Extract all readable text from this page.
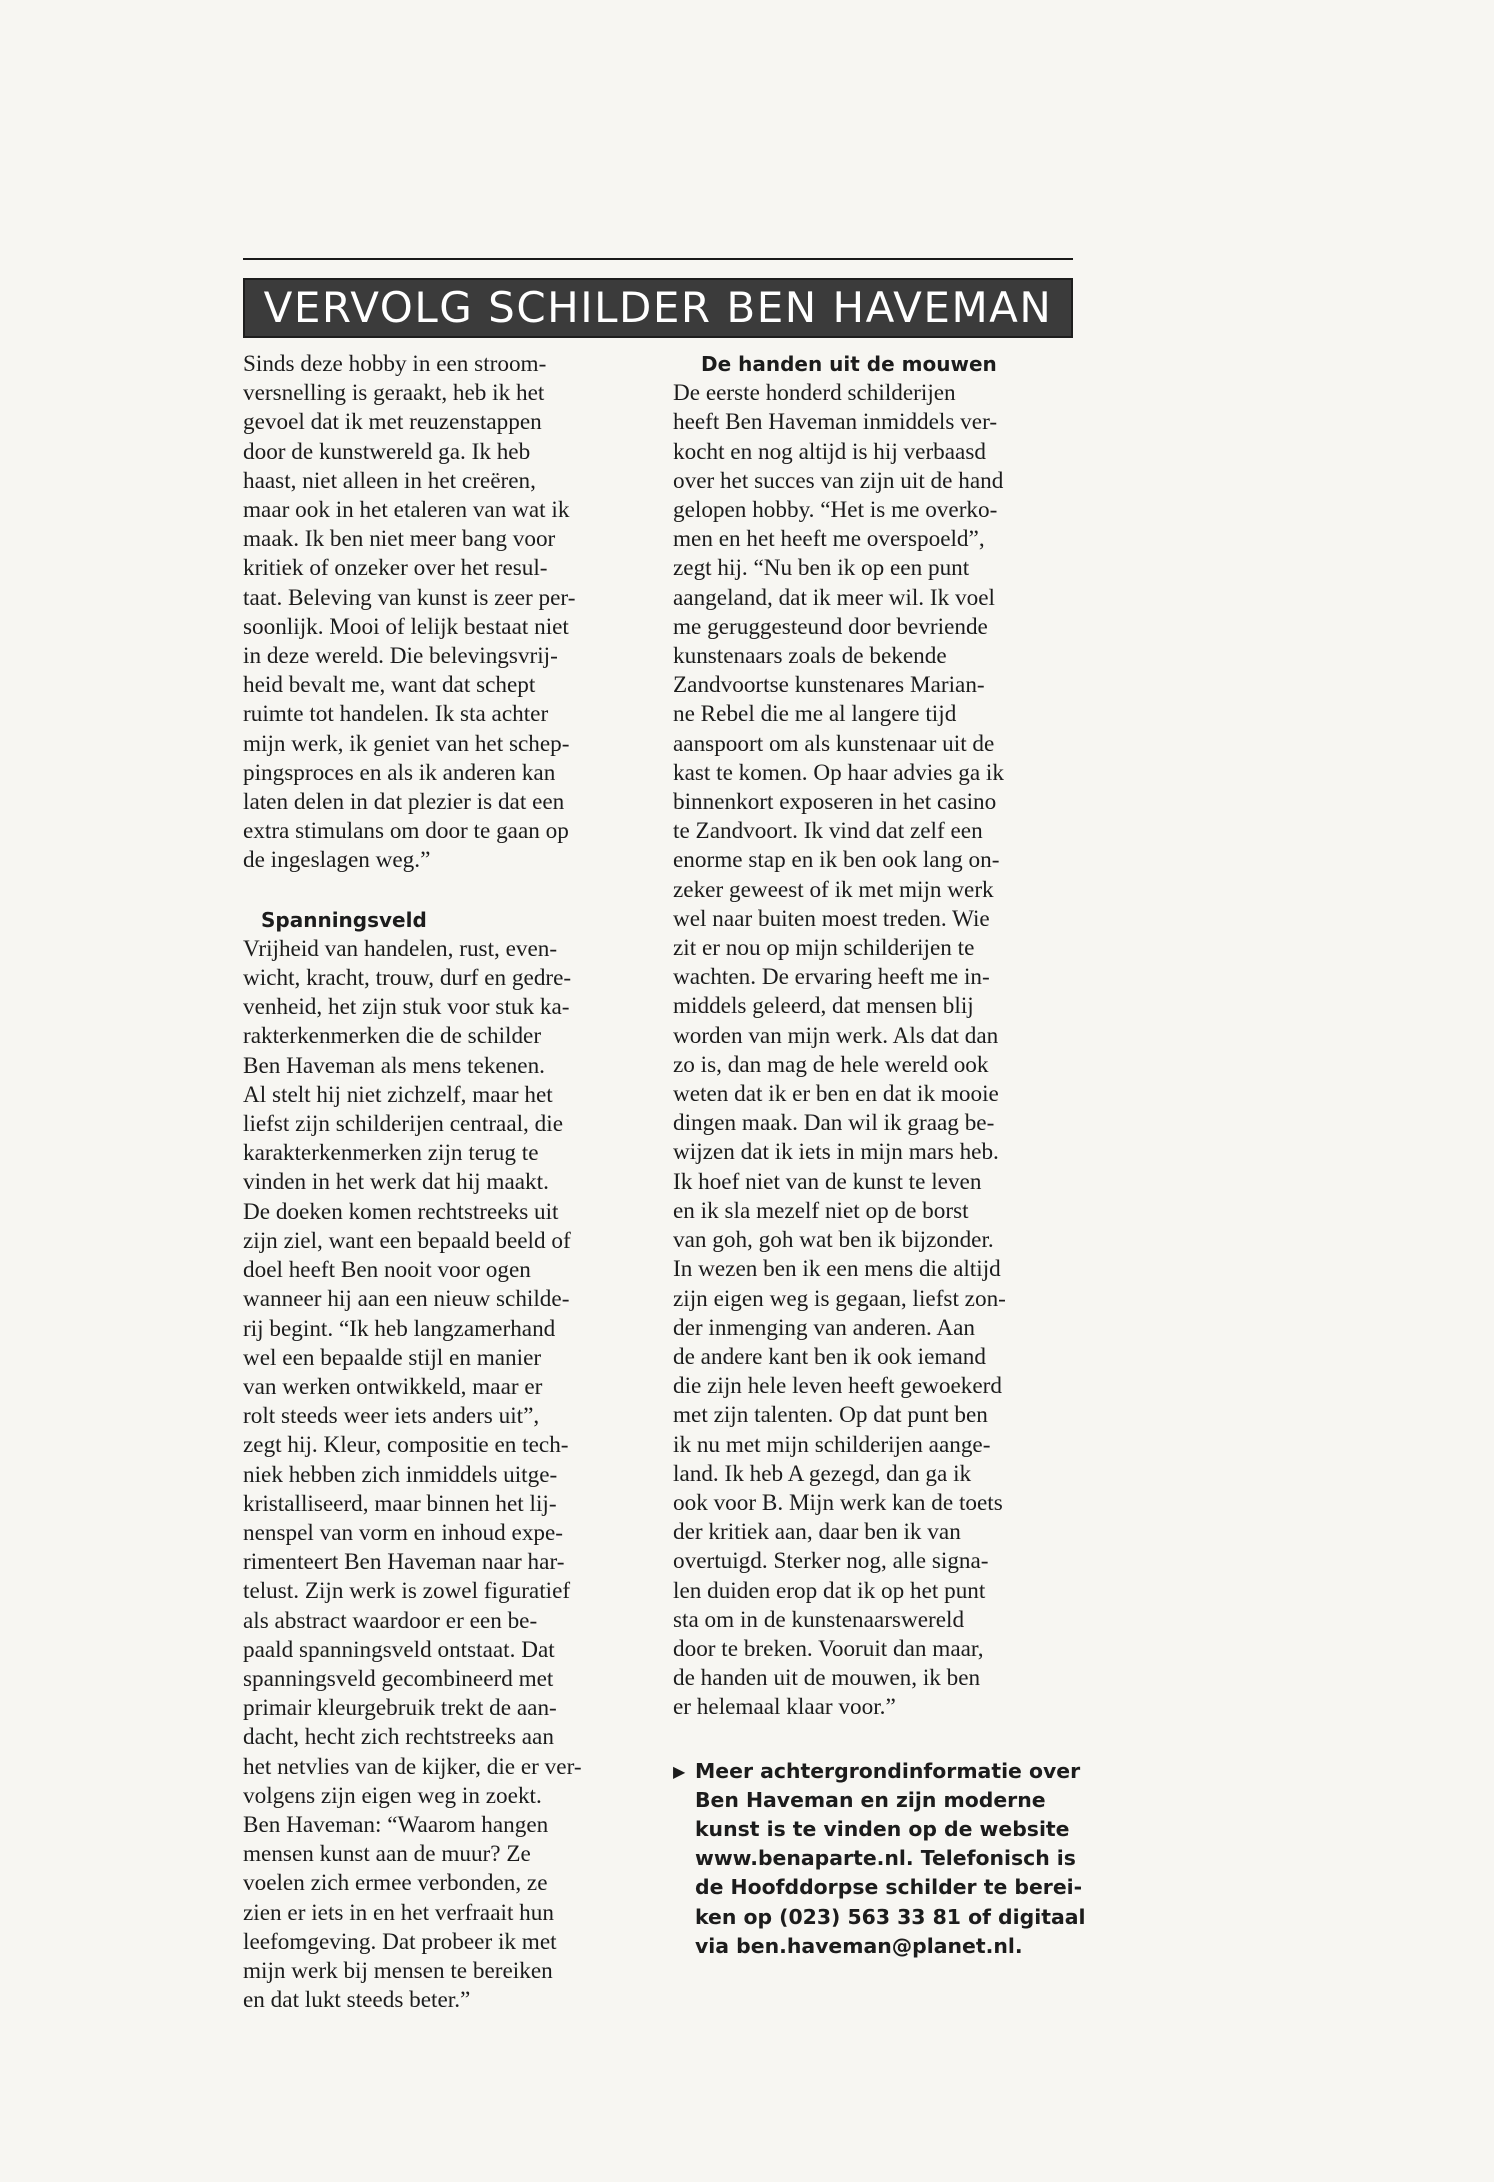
VERVOLG SCHILDER BEN HAVEMAN

Sinds deze hobby in een stroom-
versnelling is geraakt, heb ik het
gevoel dat ik met reuzenstappen
door de kunstwereld ga. Ik heb
haast, niet alleen in het creëren,
maar ook in het etaleren van wat ik
maak. Ik ben niet meer bang voor
kritiek of onzeker over het resul-
taat. Beleving van kunst is zeer per-
soonlijk. Mooi of lelijk bestaat niet
in deze wereld. Die belevingsvrij-
heid bevalt me, want dat schept
ruimte tot handelen. Ik sta achter
mijn werk, ik geniet van het schep-
pingsproces en als ik anderen kan
laten delen in dat plezier is dat een
extra stimulans om door te gaan op
de ingeslagen weg.”

Spanningsveld

Vrijheid van handelen, rust, even-
wicht, kracht, trouw, durf en gedre-
venheid, het zijn stuk voor stuk ka-
rakterkenmerken die de schilder
Ben Haveman als mens tekenen.
Al stelt hij niet zichzelf, maar het
liefst zijn schilderijen centraal, die
karakterkenmerken zijn terug te
vinden in het werk dat hij maakt.
De doeken komen rechtstreeks uit
zijn ziel, want een bepaald beeld of
doel heeft Ben nooit voor ogen
wanneer hij aan een nieuw schilde-
rij begint. “Ik heb langzamerhand
wel een bepaalde stijl en manier
van werken ontwikkeld, maar er
rolt steeds weer iets anders uit”,
zegt hij. Kleur, compositie en tech-
niek hebben zich inmiddels uitge-
kristalliseerd, maar binnen het lij-
nenspel van vorm en inhoud expe-
rimenteert Ben Haveman naar har-
telust. Zijn werk is zowel figuratief
als abstract waardoor er een be-
paald spanningsveld ontstaat. Dat
spanningsveld gecombineerd met
primair kleurgebruik trekt de aan-
dacht, hecht zich rechtstreeks aan
het netvlies van de kijker, die er ver-
volgens zijn eigen weg in zoekt.
Ben Haveman: “Waarom hangen
mensen kunst aan de muur? Ze
voelen zich ermee verbonden, ze
zien er iets in en het verfraait hun
leefomgeving. Dat probeer ik met
mijn werk bij mensen te bereiken
en dat lukt steeds beter.”

De handen uit de mouwen

De eerste honderd schilderijen
heeft Ben Haveman inmiddels ver-
kocht en nog altijd is hij verbaasd
over het succes van zijn uit de hand
gelopen hobby. “Het is me overko-
men en het heeft me overspoeld”,
zegt hij. “Nu ben ik op een punt
aangeland, dat ik meer wil. Ik voel
me geruggesteund door bevriende
kunstenaars zoals de bekende
Zandvoortse kunstenares Marian-
ne Rebel die me al langere tijd
aanspoort om als kunstenaar uit de
kast te komen. Op haar advies ga ik
binnenkort exposeren in het casino
te Zandvoort. Ik vind dat zelf een
enorme stap en ik ben ook lang on-
zeker geweest of ik met mijn werk
wel naar buiten moest treden. Wie
zit er nou op mijn schilderijen te
wachten. De ervaring heeft me in-
middels geleerd, dat mensen blij
worden van mijn werk. Als dat dan
zo is, dan mag de hele wereld ook
weten dat ik er ben en dat ik mooie
dingen maak. Dan wil ik graag be-
wijzen dat ik iets in mijn mars heb.
Ik hoef niet van de kunst te leven
en ik sla mezelf niet op de borst
van goh, goh wat ben ik bijzonder.
In wezen ben ik een mens die altijd
zijn eigen weg is gegaan, liefst zon-
der inmenging van anderen. Aan
de andere kant ben ik ook iemand
die zijn hele leven heeft gewoekerd
met zijn talenten. Op dat punt ben
ik nu met mijn schilderijen aange-
land. Ik heb A gezegd, dan ga ik
ook voor B. Mijn werk kan de toets
der kritiek aan, daar ben ik van
overtuigd. Sterker nog, alle signa-
len duiden erop dat ik op het punt
sta om in de kunstenaarswereld
door te breken. Vooruit dan maar,
de handen uit de mouwen, ik ben
er helemaal klaar voor.”

▶ Meer achtergrondinformatie over
Ben Haveman en zijn moderne
kunst is te vinden op de website
www.benaparte.nl. Telefonisch is
de Hoofddorpse schilder te berei-
ken op (023) 563 33 81 of digitaal
via ben.haveman@planet.nl.
